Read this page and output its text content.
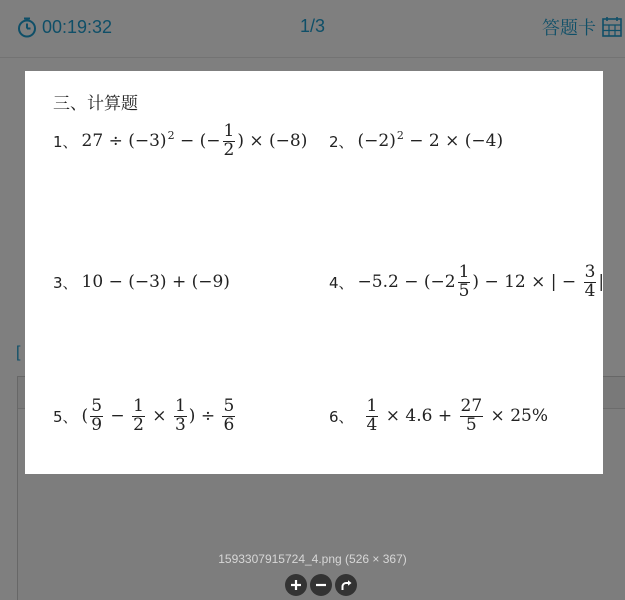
三、计算题
1、 $27 \div (-3)^2$ − (− $\frac{1}{2}$ ) × (−8) 2、 $(-2)^2 - 2 \times (-4)$
3、 10 − (−3) + (−9)	4、 $-5.2 - (-2 \frac{1}{5}$ ) − 12 × | − $\frac{3}{4}$ |
5、 ( $\frac{5}{9} - \frac{1}{2} \times \frac{1}{3}$ ) ÷ $\frac{5}{6}$	6、 $\frac{1}{4} \times 4.6 + \frac{27}{5} \times 25\%$
1593307915724_4.png (526 × 367)
